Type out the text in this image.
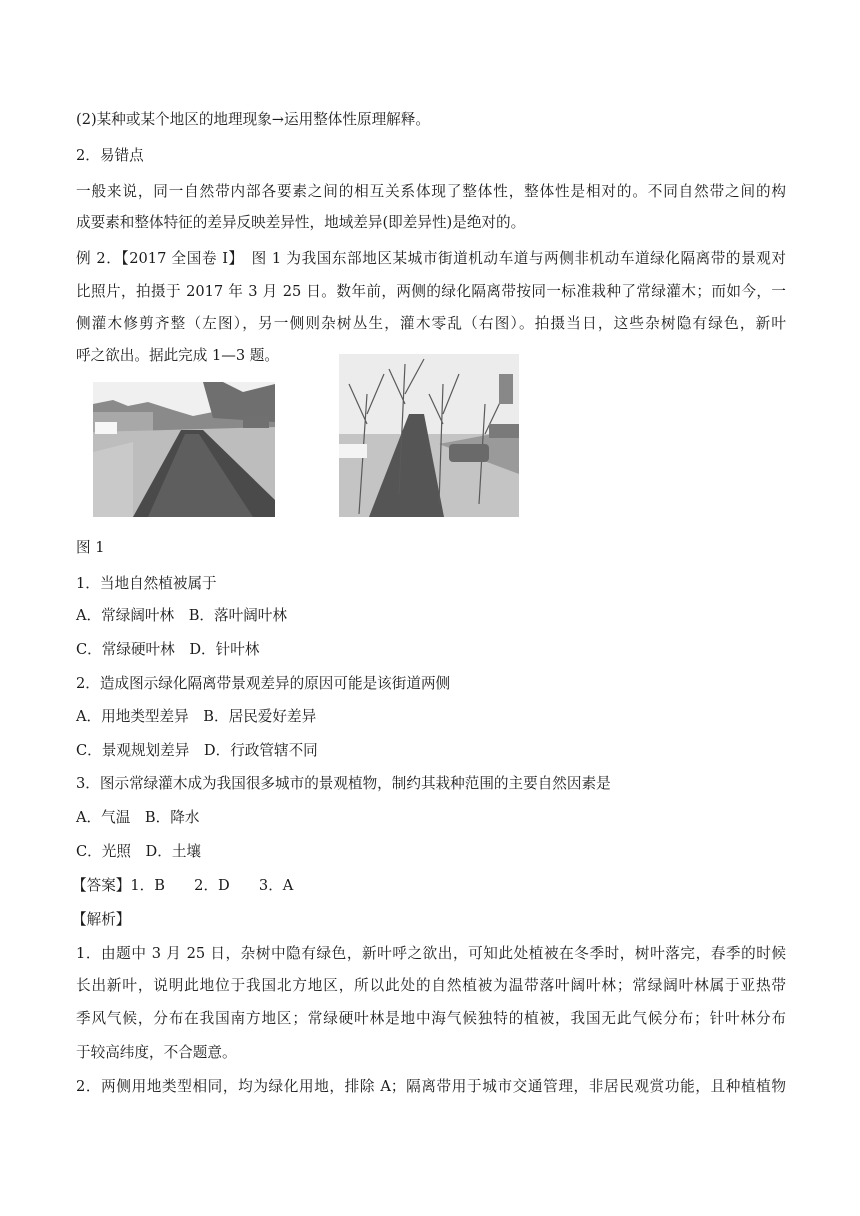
(2)某种或某个地区的地理现象→运用整体性原理解释。
2．易错点
一般来说，同一自然带内部各要素之间的相互关系体现了整体性，整体性是相对的。不同自然带之间的构
成要素和整体特征的差异反映差异性，地域差异(即差异性)是绝对的。
例 2．【2017 全国卷 I】　图 1 为我国东部地区某城市街道机动车道与两侧非机动车道绿化隔离带的景观对
比照片，拍摄于 2017 年 3 月 25 日。数年前，两侧的绿化隔离带按同一标准栽种了常绿灌木；而如今，一
侧灌木修剪齐整（左图），另一侧则杂树丛生，灌木零乱（右图）。拍摄当日，这些杂树隐有绿色，新叶
呼之欲出。据此完成 1—3 题。
图 1
1．当地自然植被属于
A．常绿阔叶林　B．落叶阔叶林
C．常绿硬叶林　D．针叶林
2．造成图示绿化隔离带景观差异的原因可能是该街道两侧
A．用地类型差异　B．居民爱好差异
C．景观规划差异　D．行政管辖不同
3．图示常绿灌木成为我国很多城市的景观植物，制约其栽种范围的主要自然因素是
A．气温　B．降水
C．光照　D．土壤
【答案】1．B　　2．D　　3．A
【解析】
1．由题中 3 月 25 日，杂树中隐有绿色，新叶呼之欲出，可知此处植被在冬季时，树叶落完，春季的时候
长出新叶，说明此地位于我国北方地区，所以此处的自然植被为温带落叶阔叶林；常绿阔叶林属于亚热带
季风气候，分布在我国南方地区；常绿硬叶林是地中海气候独特的植被，我国无此气候分布；针叶林分布
于较高纬度，不合题意。
2．两侧用地类型相同，均为绿化用地，排除 A；隔离带用于城市交通管理，非居民观赏功能，且种植植物
